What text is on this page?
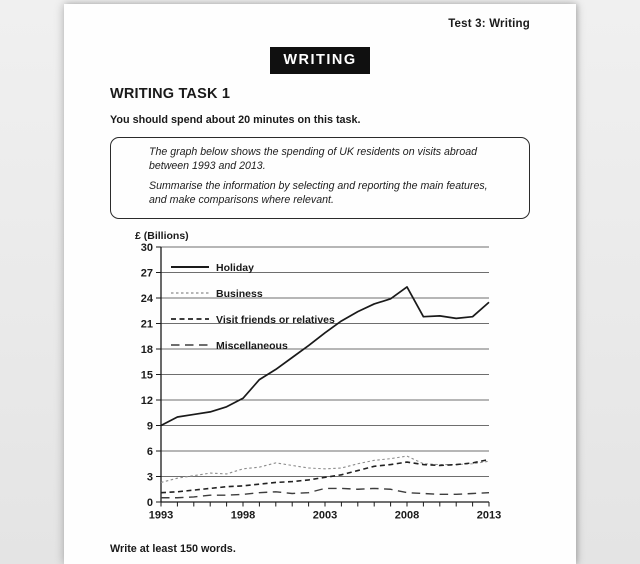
Test 3: Writing
WRITING
WRITING TASK 1

You should spend about 20 minutes on this task.

The graph below shows the spending of UK residents on visits abroad between 1993 and 2013.

Summarise the information by selecting and reporting the main features, and make comparisons where relevant.

£ (Billions)
0
3
6
9
12
15
18
21
24
27
30
1993	1998	2003	2008	2013
Holiday
Business
Visit friends or relatives
Miscellaneous

Write at least 150 words.
